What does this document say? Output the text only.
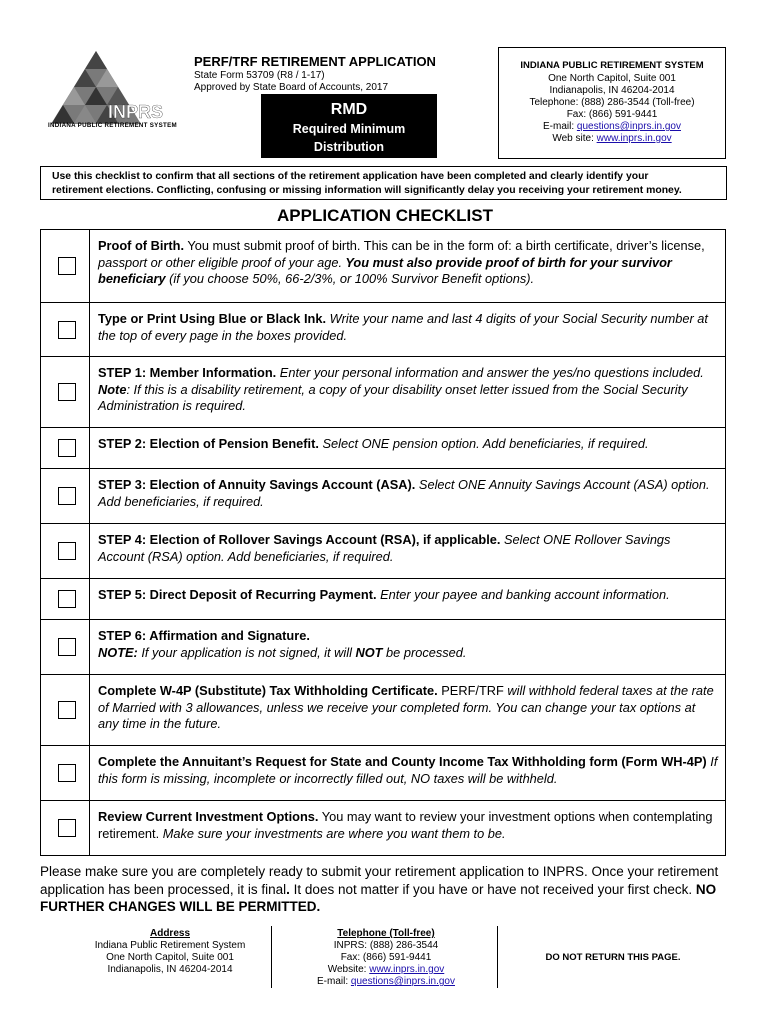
INPRS
INDIANA PUBLIC RETIREMENT SYSTEM
PERF/TRF RETIREMENT APPLICATION
State Form 53709 (R8 / 1-17)
Approved by State Board of Accounts, 2017
RMD
Required Minimum
Distribution
INDIANA PUBLIC RETIREMENT SYSTEM
One North Capitol, Suite 001
Indianapolis, IN 46204-2014
Telephone: (888) 286-3544 (Toll-free)
Fax: (866) 591-9441
E-mail: questions@inprs.in.gov
Web site: www.inprs.in.gov
Use this checklist to confirm that all sections of the retirement application have been completed and clearly identify your
retirement elections. Conflicting, confusing or missing information will significantly delay you receiving your retirement money.
APPLICATION CHECKLIST
Proof of Birth. You must submit proof of birth. This can be in the form of: a birth certificate, driver’s license, passport or other eligible proof of your age. You must also provide proof of birth for your survivor beneficiary (if you choose 50%, 66-2/3%, or 100% Survivor Benefit options).
Type or Print Using Blue or Black Ink. Write your name and last 4 digits of your Social Security number at the top of every page in the boxes provided.
STEP 1: Member Information. Enter your personal information and answer the yes/no questions included. Note: If this is a disability retirement, a copy of your disability onset letter issued from the Social Security Administration is required.
STEP 2: Election of Pension Benefit. Select ONE pension option. Add beneficiaries, if required.
STEP 3: Election of Annuity Savings Account (ASA). Select ONE Annuity Savings Account (ASA) option. Add beneficiaries, if required.
STEP 4: Election of Rollover Savings Account (RSA), if applicable. Select ONE Rollover Savings Account (RSA) option. Add beneficiaries, if required.
STEP 5: Direct Deposit of Recurring Payment. Enter your payee and banking account information.
STEP 6: Affirmation and Signature.
NOTE: If your application is not signed, it will NOT be processed.
Complete W-4P (Substitute) Tax Withholding Certificate. PERF/TRF will withhold federal taxes at the rate of Married with 3 allowances, unless we receive your completed form. You can change your tax options at any time in the future.
Complete the Annuitant’s Request for State and County Income Tax Withholding form (Form WH-4P) If this form is missing, incomplete or incorrectly filled out, NO taxes will be withheld.
Review Current Investment Options. You may want to review your investment options when contemplating retirement. Make sure your investments are where you want them to be.
Please make sure you are completely ready to submit your retirement application to INPRS. Once your retirement application has been processed, it is final. It does not matter if you have or have not received your first check. NO FURTHER CHANGES WILL BE PERMITTED.
Address
Indiana Public Retirement System
One North Capitol, Suite 001
Indianapolis, IN 46204-2014
Telephone (Toll-free)
INPRS: (888) 286-3544
Fax: (866) 591-9441
Website: www.inprs.in.gov
E-mail: questions@inprs.in.gov
DO NOT RETURN THIS PAGE.
